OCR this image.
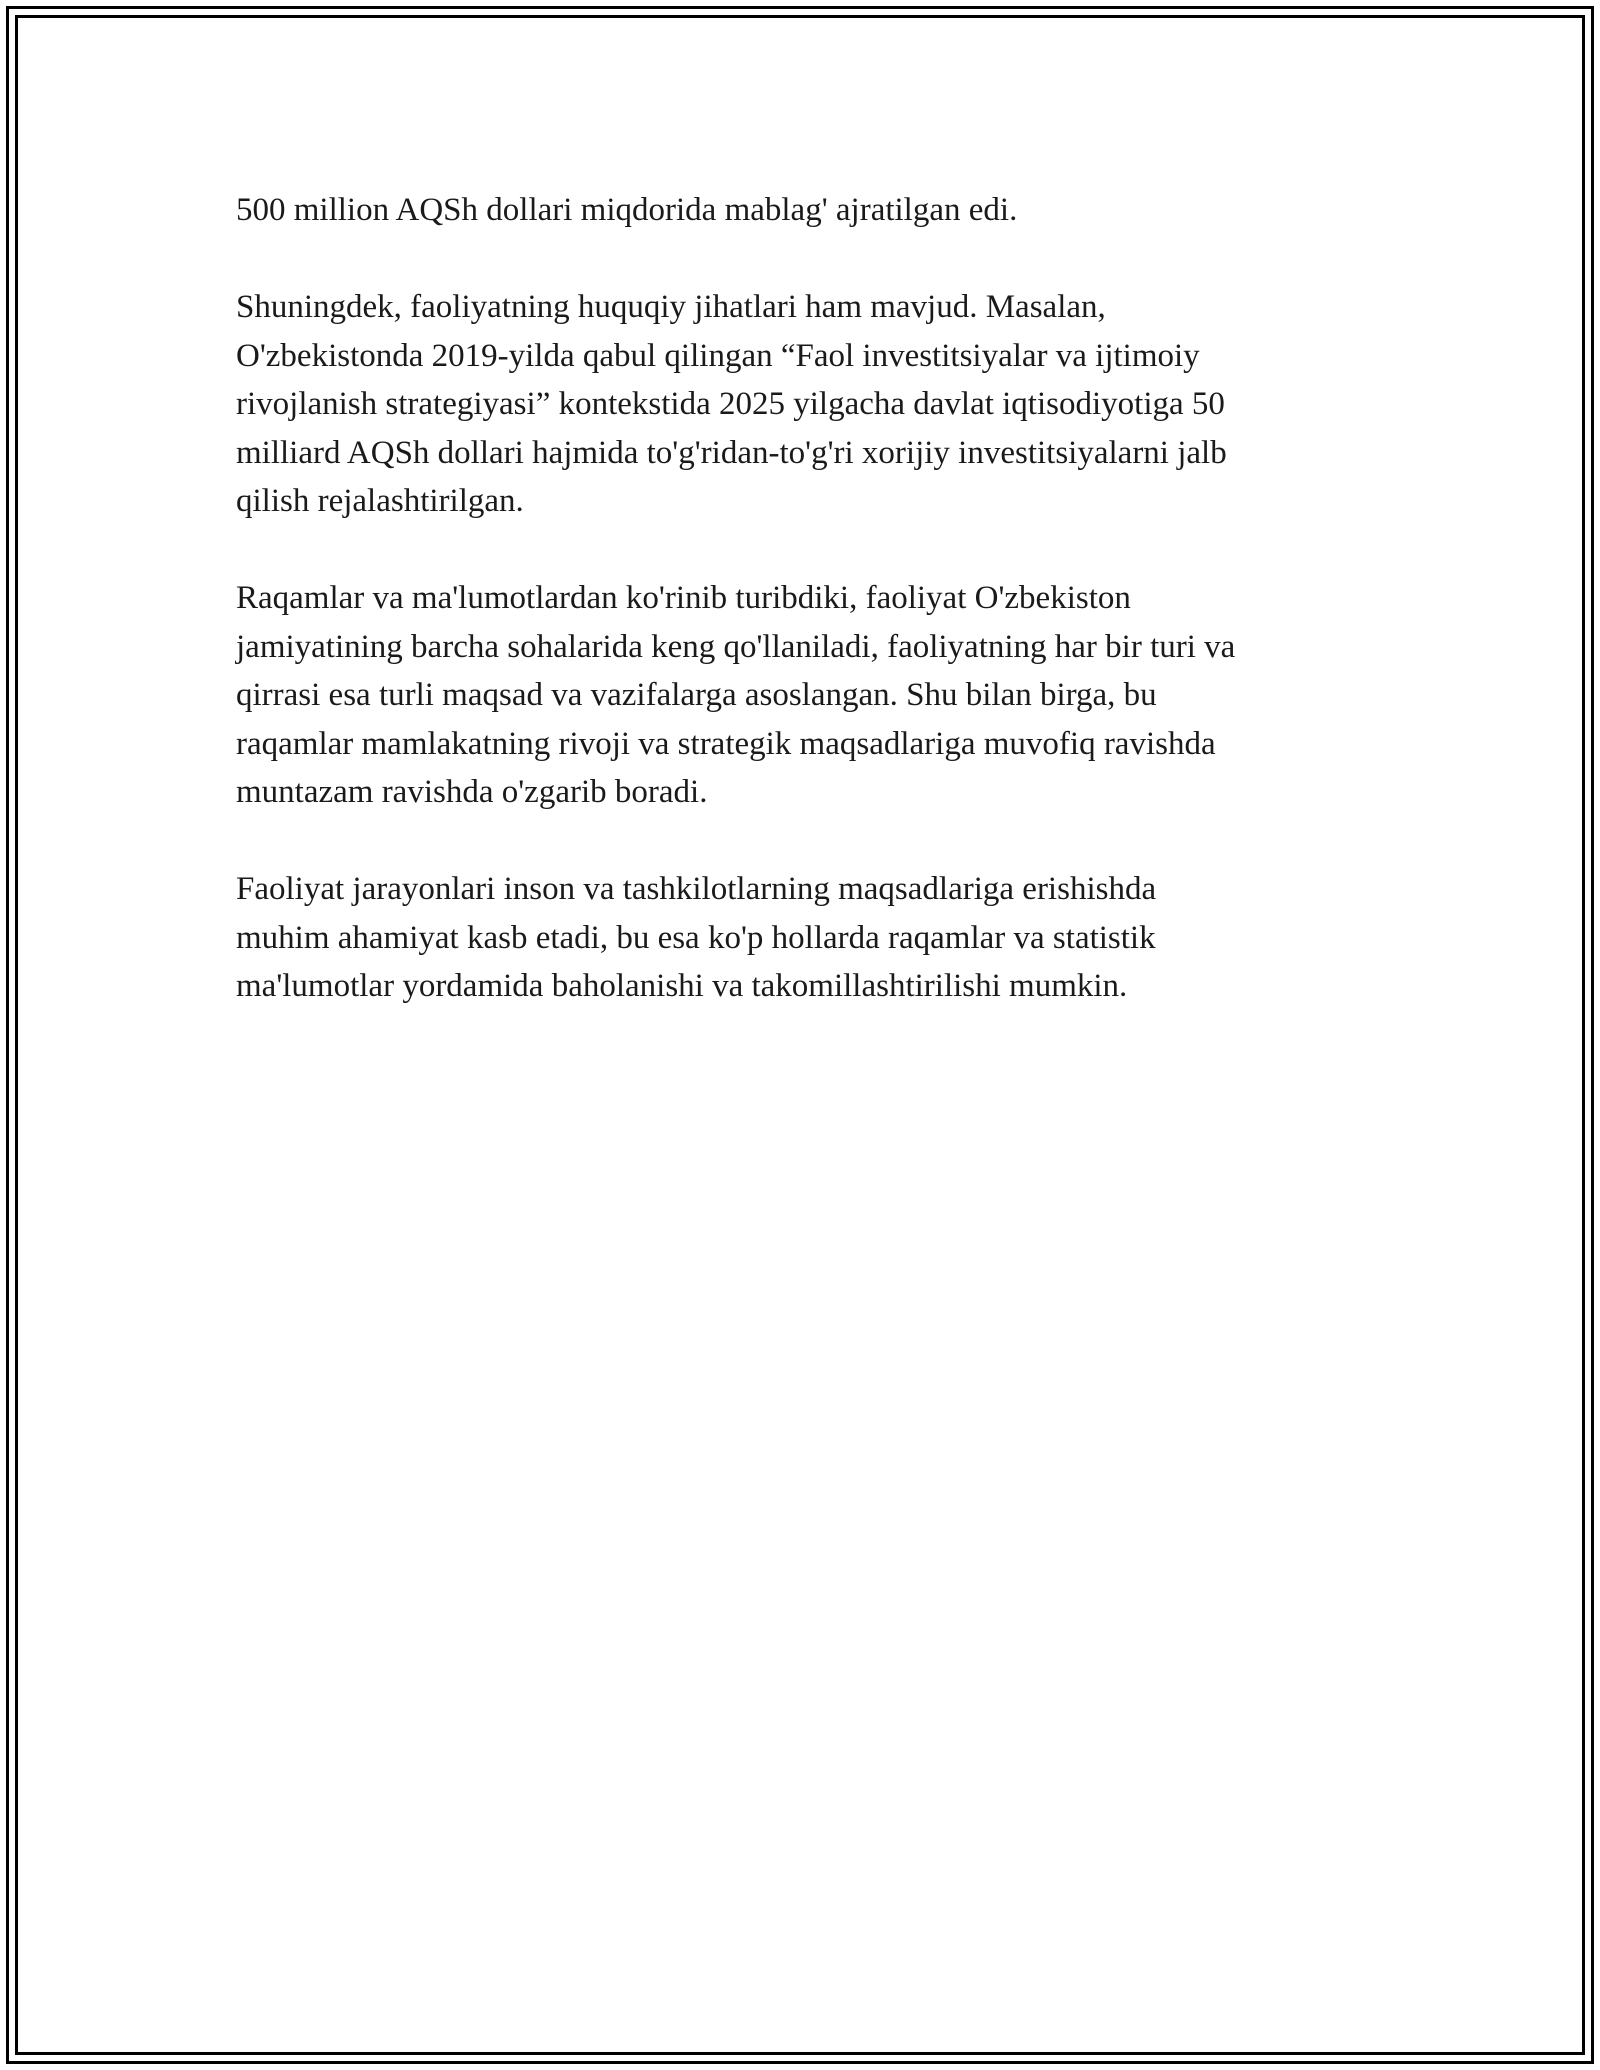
500 million AQSh dollari miqdorida mablag' ajratilgan edi.
Shuningdek, faoliyatning huquqiy jihatlari ham mavjud. Masalan,
O'zbekistonda 2019-yilda qabul qilingan “Faol investitsiyalar va ijtimoiy
rivojlanish strategiyasi” kontekstida 2025 yilgacha davlat iqtisodiyotiga 50
milliard AQSh dollari hajmida to'g'ridan-to'g'ri xorijiy investitsiyalarni jalb
qilish rejalashtirilgan.
Raqamlar va ma'lumotlardan ko'rinib turibdiki, faoliyat O'zbekiston
jamiyatining barcha sohalarida keng qo'llaniladi, faoliyatning har bir turi va
qirrasi esa turli maqsad va vazifalarga asoslangan. Shu bilan birga, bu
raqamlar mamlakatning rivoji va strategik maqsadlariga muvofiq ravishda
muntazam ravishda o'zgarib boradi.
Faoliyat jarayonlari inson va tashkilotlarning maqsadlariga erishishda
muhim ahamiyat kasb etadi, bu esa ko'p hollarda raqamlar va statistik
ma'lumotlar yordamida baholanishi va takomillashtirilishi mumkin.
